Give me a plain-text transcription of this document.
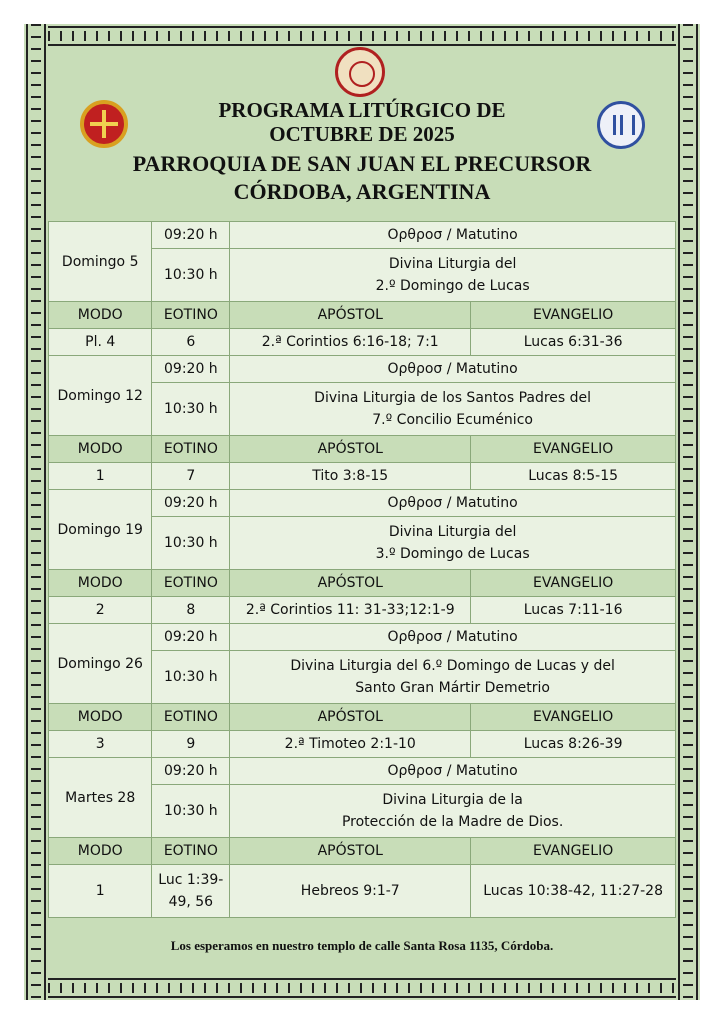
PROGRAMA LITÚRGICO DE
OCTUBRE DE 2025
PARROQUIA DE SAN JUAN EL PRECURSOR
CÓRDOBA, ARGENTINA
Domingo 5	09:20 h	Ορθρoσ / Matutino	
	10:30 h	Divina Liturgia del
2.º Domingo de Lucas	
MODO	EOTINO	APÓSTOL	EVANGELIO
Pl. 4	6	2.ª Corintios 6:16-18; 7:1	Lucas 6:31-36
Domingo 12	09:20 h	Ορθρoσ / Matutino	
	10:30 h	Divina Liturgia de los Santos Padres del
7.º Concilio Ecuménico	
MODO	EOTINO	APÓSTOL	EVANGELIO
1	7	Tito 3:8-15	Lucas 8:5-15
Domingo 19	09:20 h	Ορθρoσ / Matutino	
	10:30 h	Divina Liturgia del
3.º Domingo de Lucas	
MODO	EOTINO	APÓSTOL	EVANGELIO
2	8	2.ª Corintios 11: 31-33;12:1-9	Lucas 7:11-16
Domingo 26	09:20 h	Ορθρoσ / Matutino	
	10:30 h	Divina Liturgia del 6.º Domingo de Lucas y del
Santo Gran Mártir Demetrio	
MODO	EOTINO	APÓSTOL	EVANGELIO
3	9	2.ª Timoteo 2:1-10	Lucas 8:26-39
Martes 28	09:20 h	Ορθρoσ / Matutino	
	10:30 h	Divina Liturgia de la
Protección de la Madre de Dios.	
MODO	EOTINO	APÓSTOL	EVANGELIO
1	Luc 1:39-
49, 56	Hebreos 9:1-7	Lucas 10:38-42, 11:27-28
Los esperamos en nuestro templo de calle Santa Rosa 1135, Córdoba.
